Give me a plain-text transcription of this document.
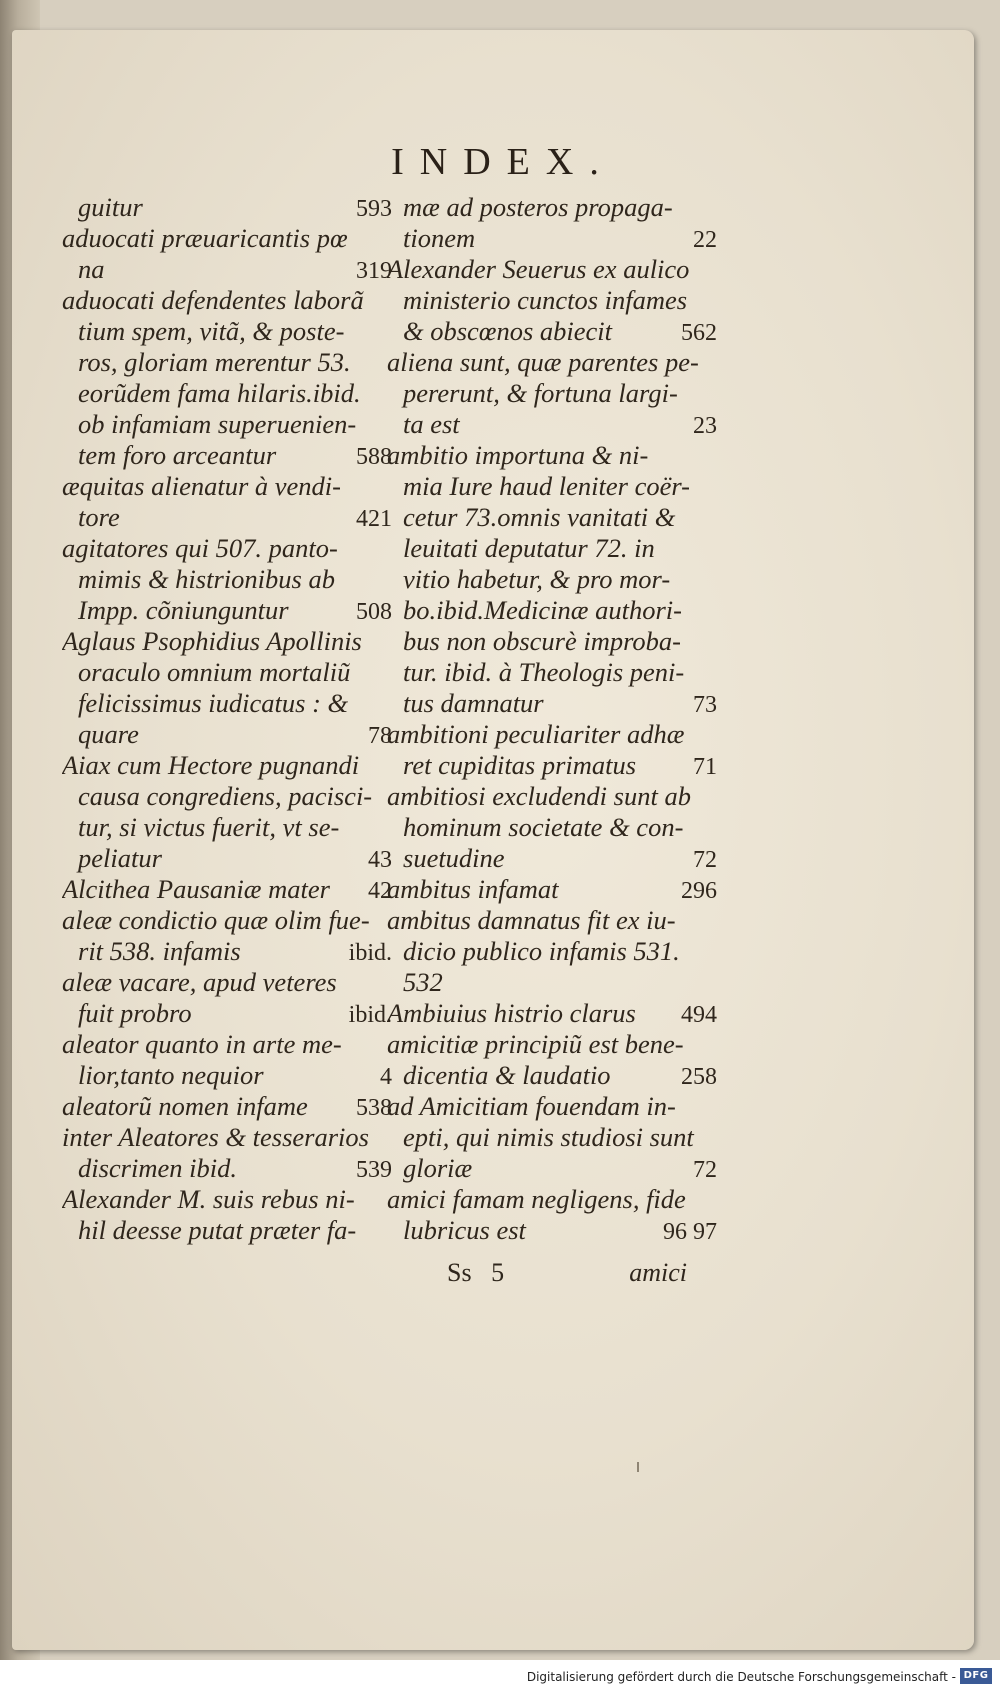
INDEX.
guitur	593
aduocati præuaricantis pœ
na	319
aduocati defendentes laborã
tium spem, vitã, & poste-
ros, gloriam merentur 53.
eorũdem fama hilaris.ibid.
ob infamiam superuenien-
tem foro arceantur	588
æquitas alienatur à vendi-
tore	421
agitatores qui 507. panto-
mimis & histrionibus ab
Impp. cõniunguntur	508
Aglaus Psophidius Apollinis
oraculo omnium mortaliũ
felicissimus iudicatus : &
quare	78
Aiax cum Hectore pugnandi
causa congrediens, pacisci-
tur, si victus fuerit, vt se-
peliatur	43
Alcithea Pausaniæ mater 42
aleæ condictio quæ olim fue-
rit 538. infamis	ibid.
aleæ vacare, apud veteres
fuit probro	ibid.
aleator quanto in arte me-
lior,tanto nequior	4
aleatorũ nomen infame 538
inter Aleatores & tesserarios
discrimen ibid.	539
Alexander M. suis rebus ni-
hil deesse putat præter fa-
mæ ad posteros propaga-
tionem	22
Alexander Seuerus ex aulico
ministerio cunctos infames
& obscœnos abiecit	562
aliena sunt, quæ parentes pe-
pererunt, & fortuna largi-
ta est	23
ambitio importuna & ni-
mia Iure haud leniter coër-
cetur 73.omnis vanitati &
leuitati deputatur 72. in
vitio habetur, & pro mor-
bo.ibid.Medicinæ authori-
bus non obscurè improba-
tur. ibid. à Theologis peni-
tus damnatur	73
ambitioni peculiariter adhæ
ret cupiditas primatus 71
ambitiosi excludendi sunt ab
hominum societate & con-
suetudine	72
ambitus infamat	296
ambitus damnatus fit ex iu-
dicio publico infamis 531.
532
Ambiuius histrio clarus 494
amicitiæ principiũ est bene-
dicentia & laudatio	258
ad Amicitiam fouendam in-
epti, qui nimis studiosi sunt
gloriæ	72
amici famam negligens, fide
lubricus est	96 97
Ss 5	amici
Digitalisierung gefördert durch die Deutsche Forschungsgemeinschaft - DFG
